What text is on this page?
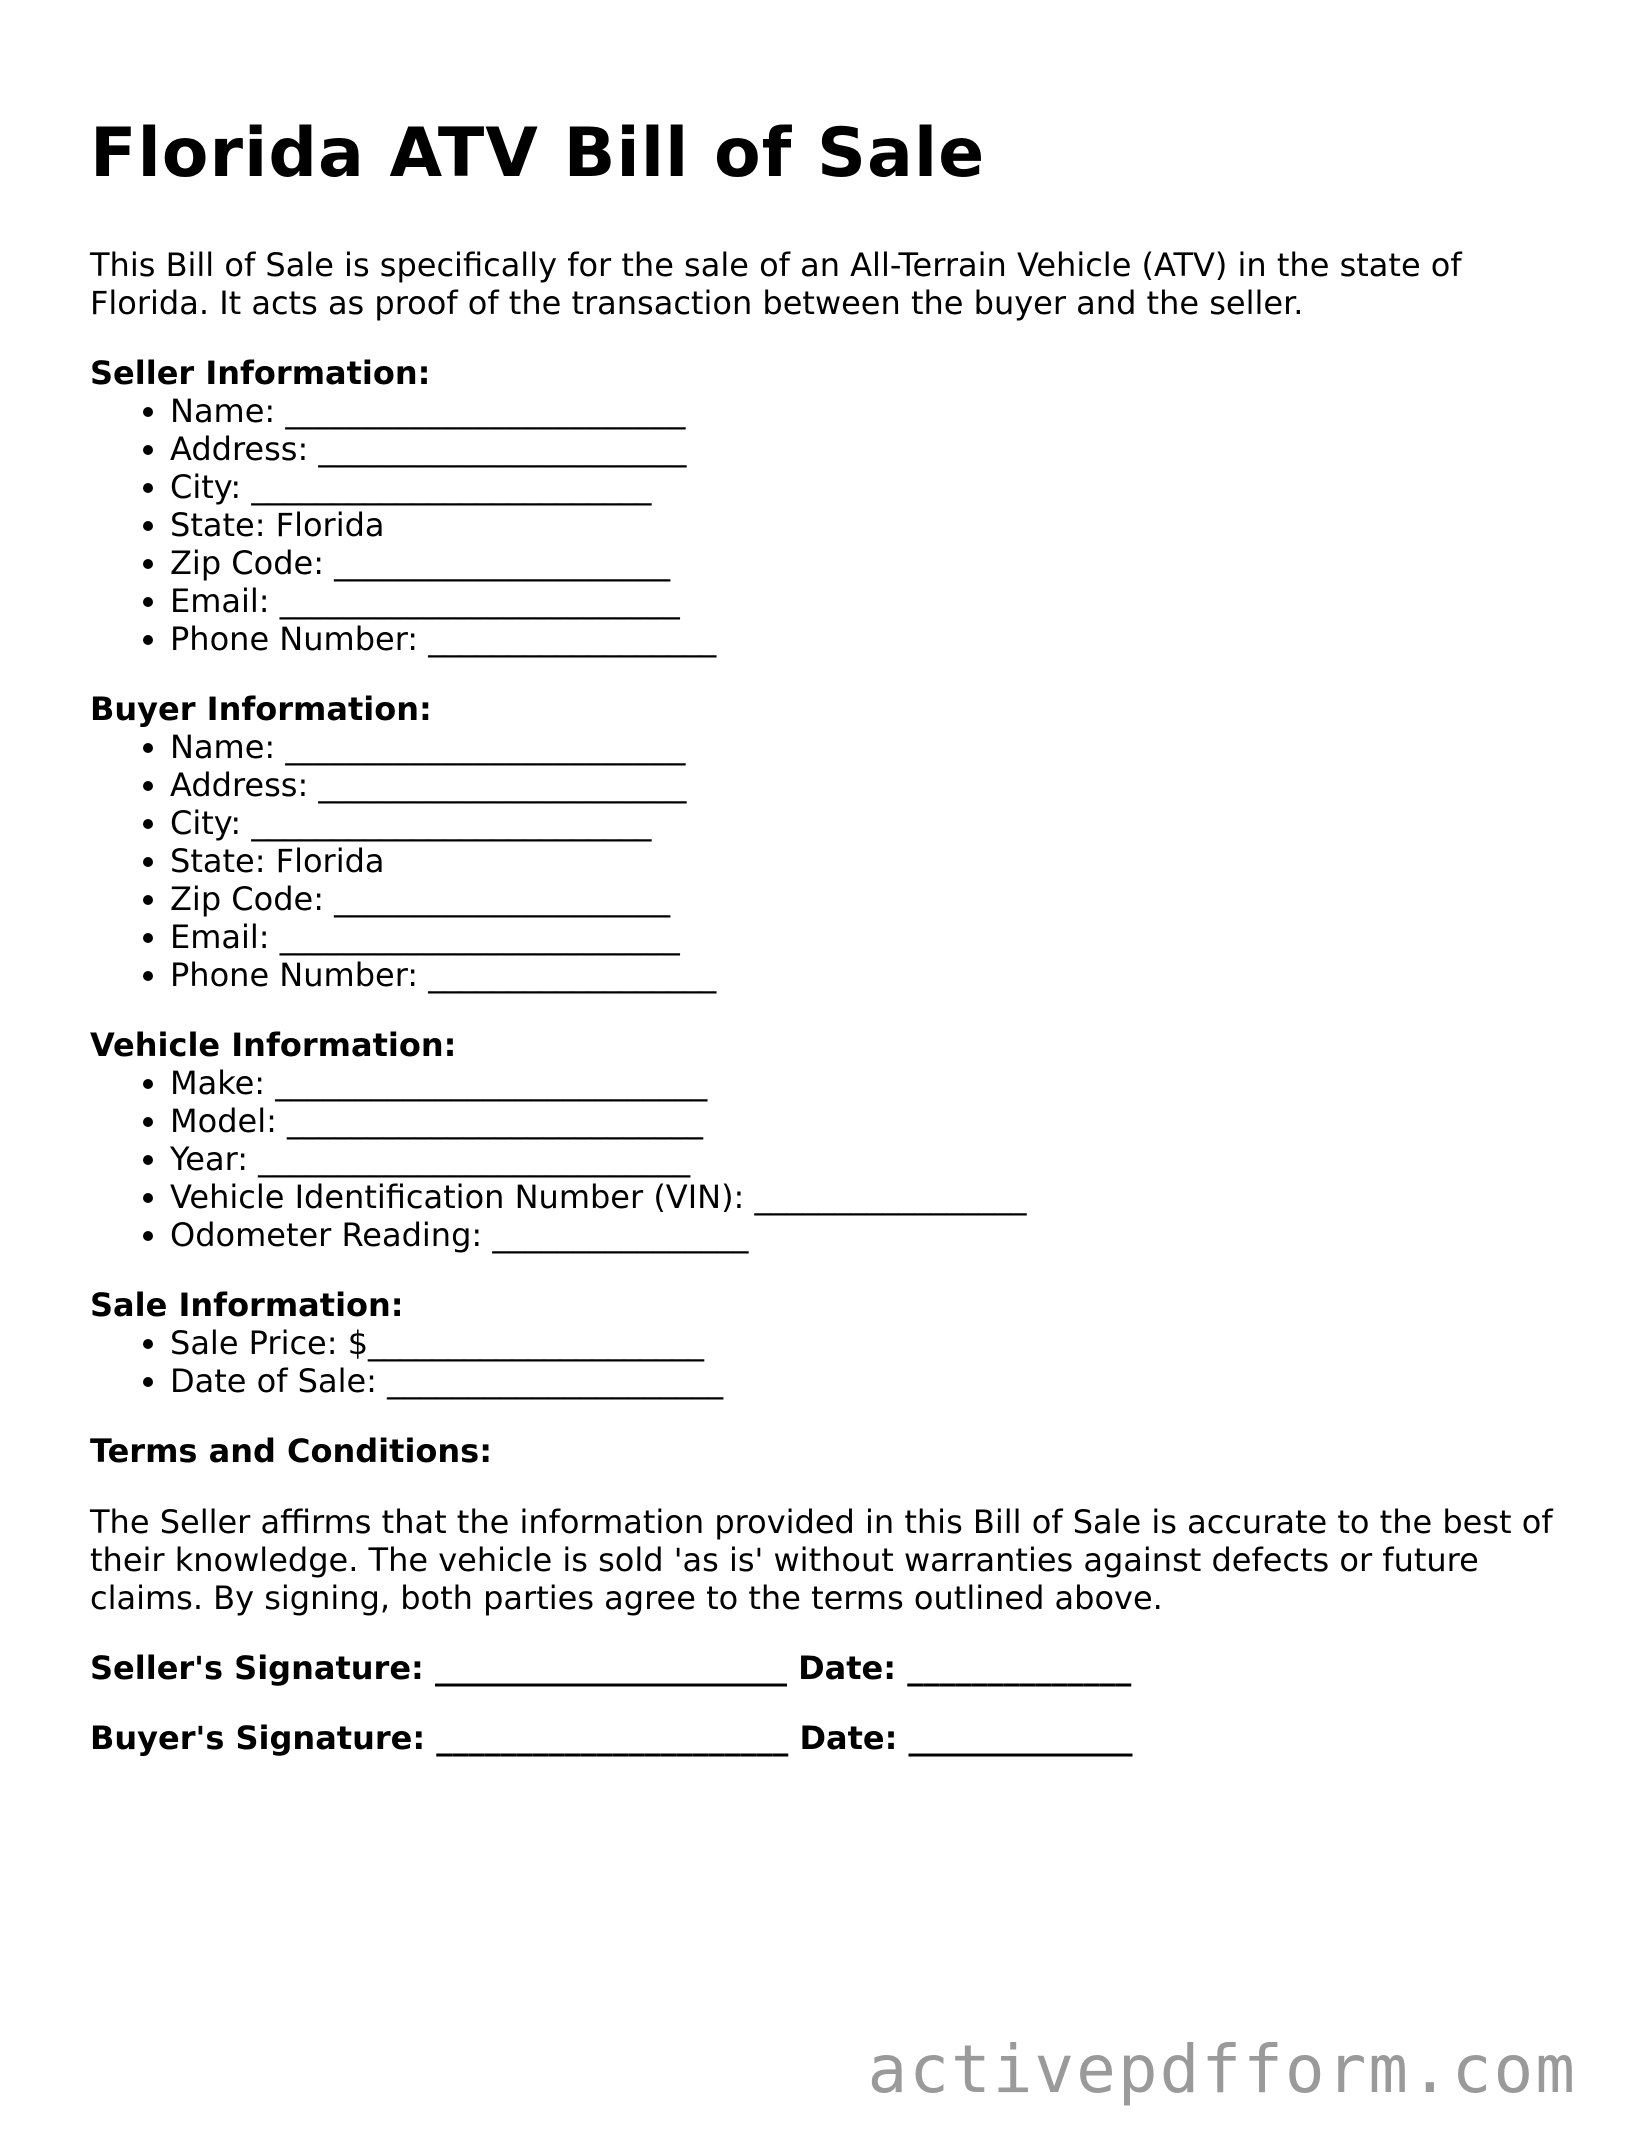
Florida ATV Bill of Sale

This Bill of Sale is specifically for the sale of an All-Terrain Vehicle (ATV) in the state of Florida. It acts as proof of the transaction between the buyer and the seller.

Seller Information:
• Name: _________________________
• Address: _______________________
• City: _________________________
• State: Florida
• Zip Code: _____________________
• Email: _________________________
• Phone Number: __________________
Buyer Information:
• Name: _________________________
• Address: _______________________
• City: _________________________
• State: Florida
• Zip Code: _____________________
• Email: _________________________
• Phone Number: __________________
Vehicle Information:
• Make: ___________________________
• Model: __________________________
• Year: ___________________________
• Vehicle Identification Number (VIN): _________________
• Odometer Reading: ________________
Sale Information:
• Sale Price: $_____________________
• Date of Sale: _____________________
Terms and Conditions:

The Seller affirms that the information provided in this Bill of Sale is accurate to the best of their knowledge. The vehicle is sold 'as is' without warranties against defects or future claims. By signing, both parties agree to the terms outlined above.

Seller's Signature: ______________________ Date: ______________
Buyer's Signature: ______________________ Date: ______________
activepdfform.com
